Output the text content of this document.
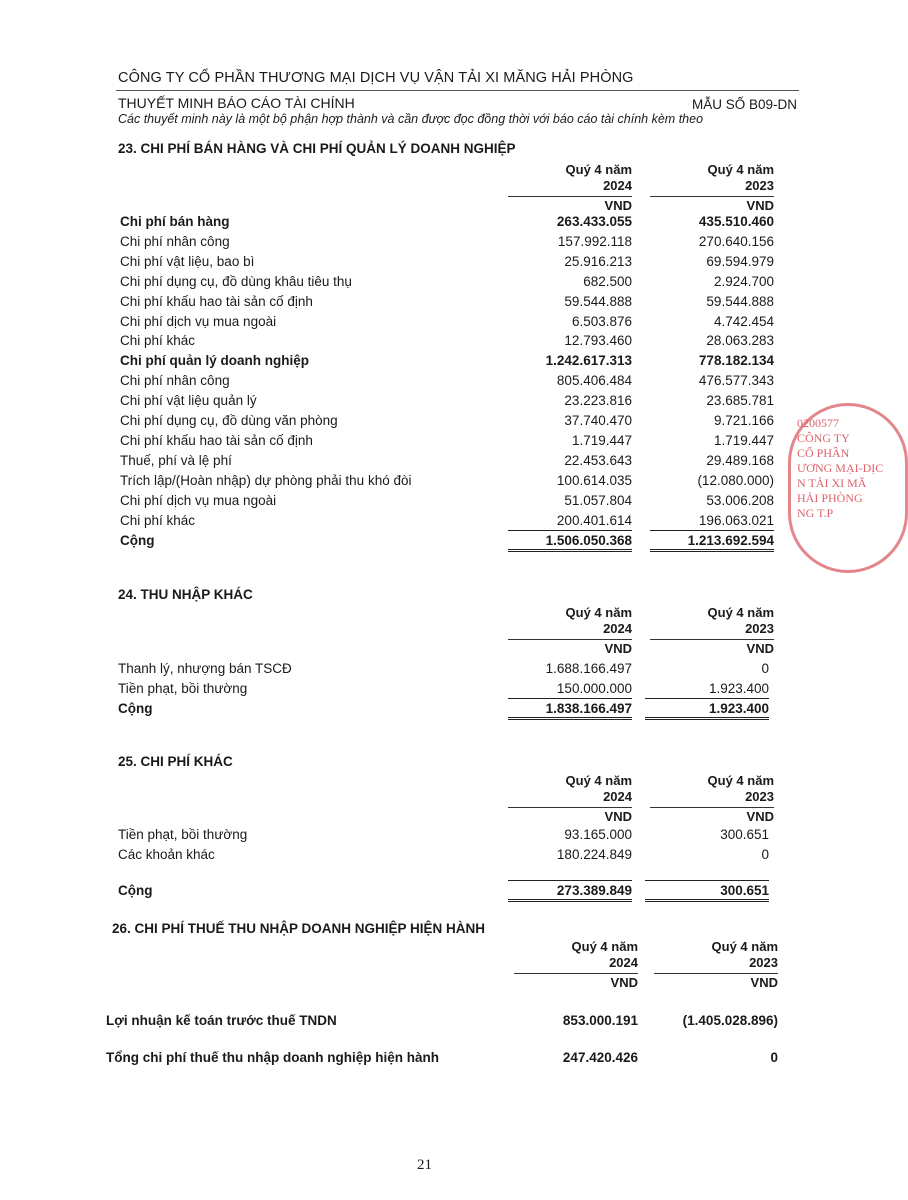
CÔNG TY CỔ PHẦN THƯƠNG MẠI DỊCH VỤ VẬN TẢI XI MĂNG HẢI PHÒNG
THUYẾT MINH BÁO CÁO TÀI CHÍNH	MẪU SỐ B09-DN
Các thuyết minh này là một bộ phận hợp thành và cần được đọc đồng thời với báo cáo tài chính kèm theo
23. CHI PHÍ BÁN HÀNG VÀ CHI PHÍ QUẢN LÝ DOANH NGHIỆP
Quý 4 năm
2024
VND
Quý 4 năm
2023
VND
Chi phí bán hàng	263.433.055	435.510.460
Chi phí nhân công	157.992.118	270.640.156
Chi phí vật liệu, bao bì	25.916.213	69.594.979
Chi phí dụng cụ, đồ dùng khâu tiêu thụ	682.500	2.924.700
Chi phí khấu hao tài sản cố định	59.544.888	59.544.888
Chi phí dịch vụ mua ngoài	6.503.876	4.742.454
Chi phí khác	12.793.460	28.063.283
Chi phí quản lý doanh nghiệp	1.242.617.313	778.182.134
Chi phí nhân công	805.406.484	476.577.343
Chi phí vật liệu quản lý	23.223.816	23.685.781
Chi phí dụng cụ, đồ dùng văn phòng	37.740.470	9.721.166
Chi phí khấu hao tài sản cố định	1.719.447	1.719.447
Thuế, phí và lệ phí	22.453.643	29.489.168
Trích lập/(Hoàn nhập) dự phòng phải thu khó đòi	100.614.035	(12.080.000)
Chi phí dịch vụ mua ngoài	51.057.804	53.006.208
Chi phí khác	200.401.614	196.063.021
Cộng	1.506.050.368	1.213.692.594
24. THU NHẬP KHÁC
Quý 4 năm
2024
VND
Quý 4 năm
2023
VND
Thanh lý, nhượng bán TSCĐ	1.688.166.497	0
Tiền phạt, bồi thường	150.000.000	1.923.400
Cộng	1.838.166.497	1.923.400
25. CHI PHÍ KHÁC
Quý 4 năm
2024
VND
Quý 4 năm
2023
VND
Tiền phạt, bồi thường	93.165.000	300.651
Các khoản khác	180.224.849	0
Cộng	273.389.849	300.651
26. CHI PHÍ THUẾ THU NHẬP DOANH NGHIỆP HIỆN HÀNH
Quý 4 năm
2024
VND
Quý 4 năm
2023
VND
Lợi nhuận kế toán trước thuế TNDN	853.000.191	(1.405.028.896)
Tổng chi phí thuế thu nhập doanh nghiệp hiện hành	247.420.426	0
0200577
CÔNG TY
CỔ PHẦN
ƯƠNG MẠI-DỊC
N TẢI XI MĂ
HẢI PHÒNG
NG T.P
21
